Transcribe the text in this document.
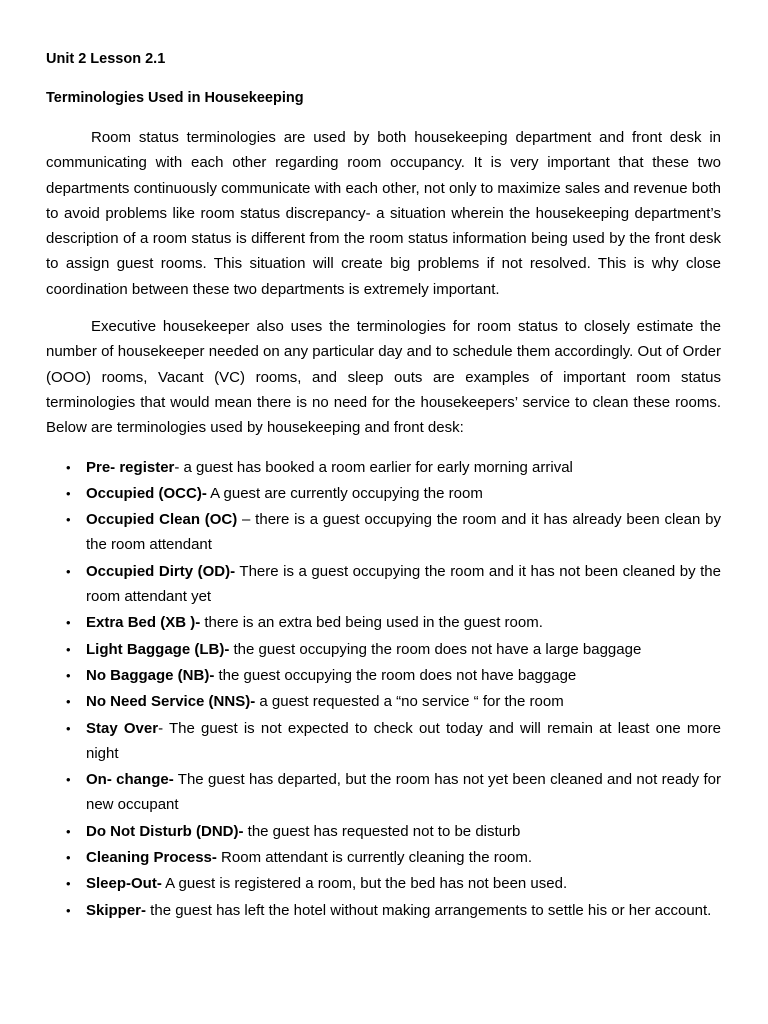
Unit 2 Lesson 2.1

Terminologies Used in Housekeeping

Room status terminologies are used by both housekeeping department and front desk in communicating with each other regarding room occupancy. It is very important that these two departments continuously communicate with each other, not only to maximize sales and revenue both to avoid problems like room status discrepancy- a situation wherein the housekeeping department’s description of a room status is different from the room status information being used by the front desk to assign guest rooms. This situation will create big problems if not resolved. This is why close coordination between these two departments is extremely important.

Executive housekeeper also uses the terminologies for room status to closely estimate the number of housekeeper needed on any particular day and to schedule them accordingly. Out of Order (OOO) rooms, Vacant (VC) rooms, and sleep outs are examples of important room status terminologies that would mean there is no need for the housekeepers’ service to clean these rooms. Below are terminologies used by housekeeping and front desk:

• Pre- register- a guest has booked a room earlier for early morning arrival
• Occupied (OCC)- A guest are currently occupying the room
• Occupied Clean (OC) – there is a guest occupying the room and it has already been clean by the room attendant
• Occupied Dirty (OD)- There is a guest occupying the room and it has not been cleaned by the room attendant yet
• Extra Bed (XB )- there is an extra bed being used in the guest room.
• Light Baggage (LB)- the guest occupying the room does not have a large baggage
• No Baggage (NB)- the guest occupying the room does not have baggage
• No Need Service (NNS)- a guest requested a “no service “ for the room
• Stay Over- The guest is not expected to check out today and will remain at least one more night
• On- change- The guest has departed, but the room has not yet been cleaned and not ready for new occupant
• Do Not Disturb (DND)- the guest has requested not to be disturb
• Cleaning Process- Room attendant is currently cleaning the room.
• Sleep-Out- A guest is registered a room, but the bed has not been used.
• Skipper- the guest has left the hotel without making arrangements to settle his or her account.
